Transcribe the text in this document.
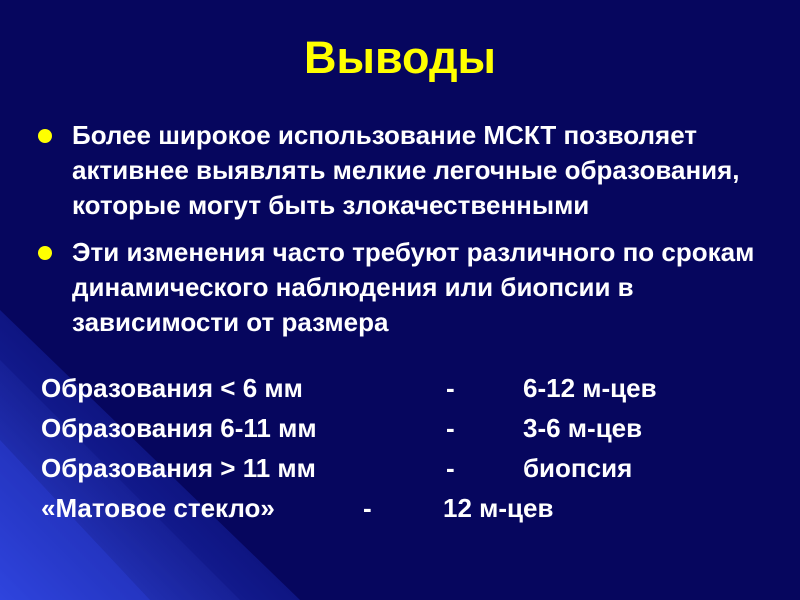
Выводы
Более широкое использование МСКТ позволяет активнее выявлять мелкие легочные образования, которые могут быть злокачественными
Эти изменения часто требуют различного по срокам динамического наблюдения или биопсии в зависимости от размера
Образования < 6 мм	-	6-12 м-цев
Образования 6-11 мм	-	3-6 м-цев
Образования > 11 мм	-	биопсия
«Матовое стекло»	-	12 м-цев
